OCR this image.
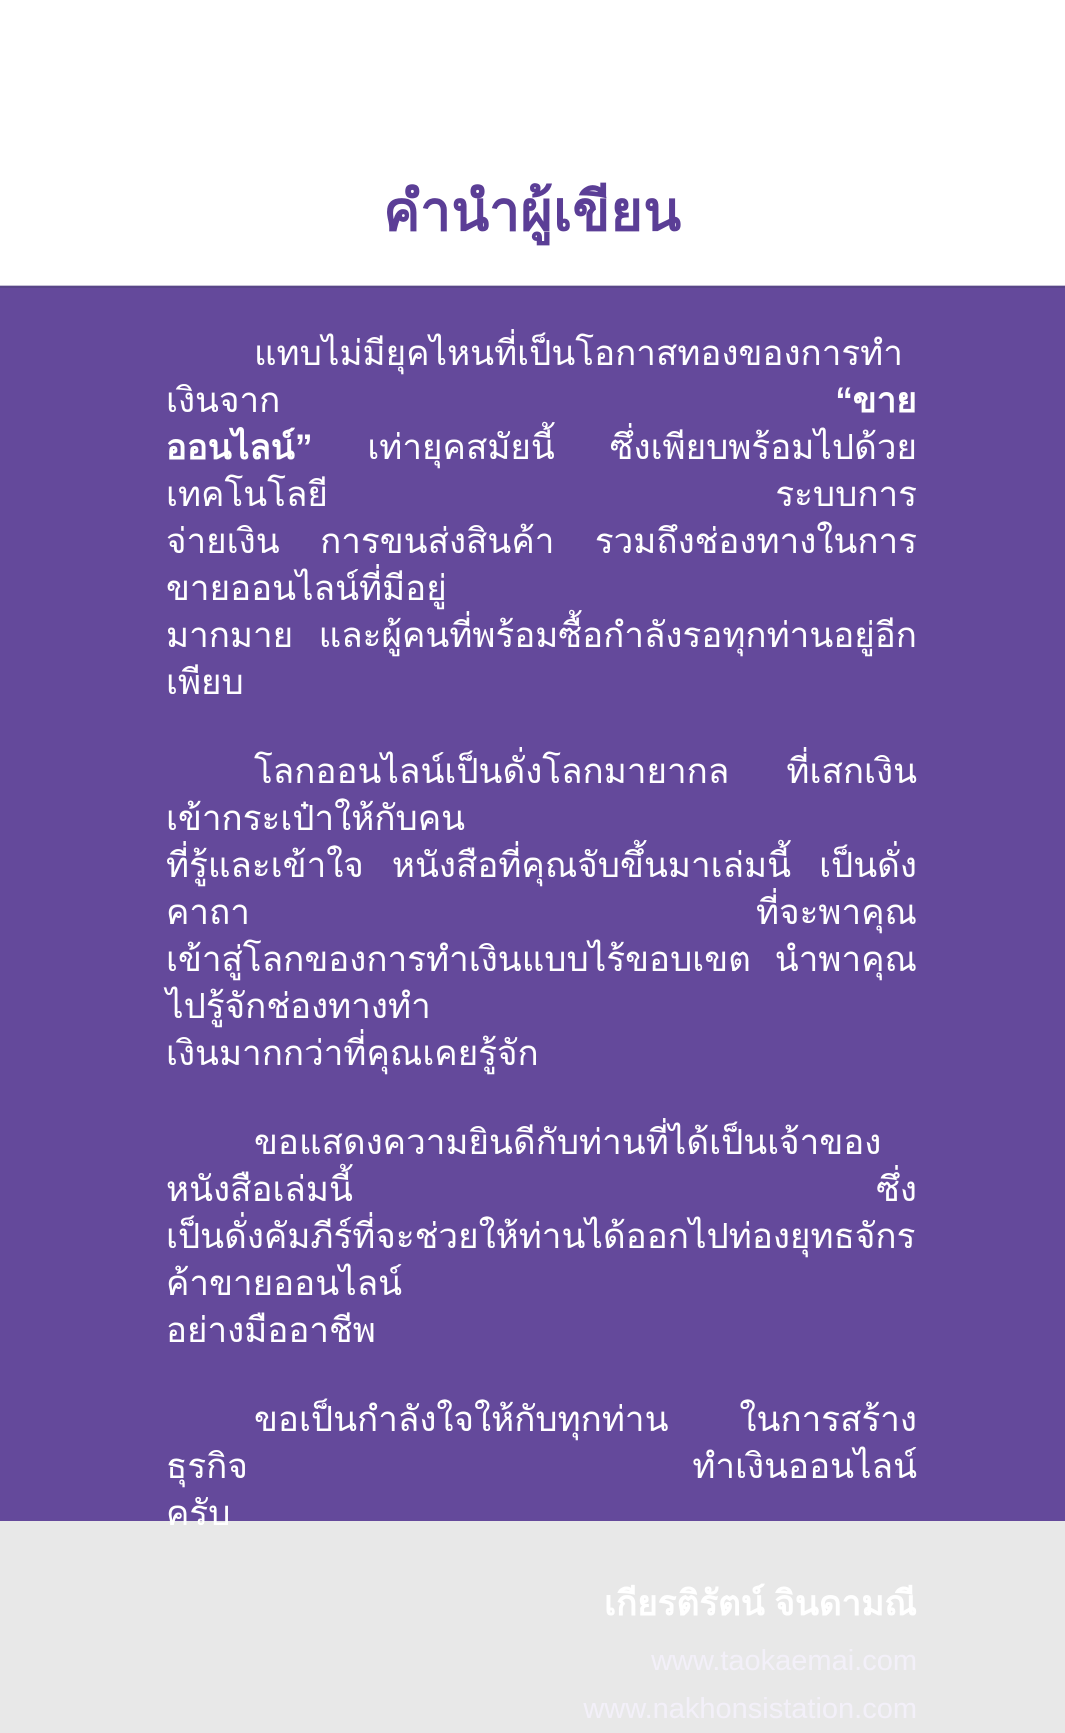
คำนำผู้เขียน
แทบไม่มียุคไหนที่เป็นโอกาสทองของการทำเงินจาก “ขาย
ออนไลน์” เท่ายุคสมัยนี้ ซึ่งเพียบพร้อมไปด้วยเทคโนโลยี ระบบการ
จ่ายเงิน การขนส่งสินค้า รวมถึงช่องทางในการขายออนไลน์ที่มีอยู่
มากมาย และผู้คนที่พร้อมซื้อกำลังรอทุกท่านอยู่อีกเพียบ
โลกออนไลน์เป็นดั่งโลกมายากล ที่เสกเงินเข้ากระเป๋าให้กับคน
ที่รู้และเข้าใจ หนังสือที่คุณจับขึ้นมาเล่มนี้ เป็นดั่งคาถา ที่จะพาคุณ
เข้าสู่โลกของการทำเงินแบบไร้ขอบเขต นำพาคุณไปรู้จักช่องทางทำ
เงินมากกว่าที่คุณเคยรู้จัก
ขอแสดงความยินดีกับท่านที่ได้เป็นเจ้าของหนังสือเล่มนี้ ซึ่ง
เป็นดั่งคัมภีร์ที่จะช่วยให้ท่านได้ออกไปท่องยุทธจักรค้าขายออนไลน์
อย่างมืออาชีพ
ขอเป็นกำลังใจให้กับทุกท่าน ในการสร้างธุรกิจ ทำเงินออนไลน์
ครับ
เกียรติรัตน์ จินดามณี
www.taokaemai.com
www.nakhonsistation.com
